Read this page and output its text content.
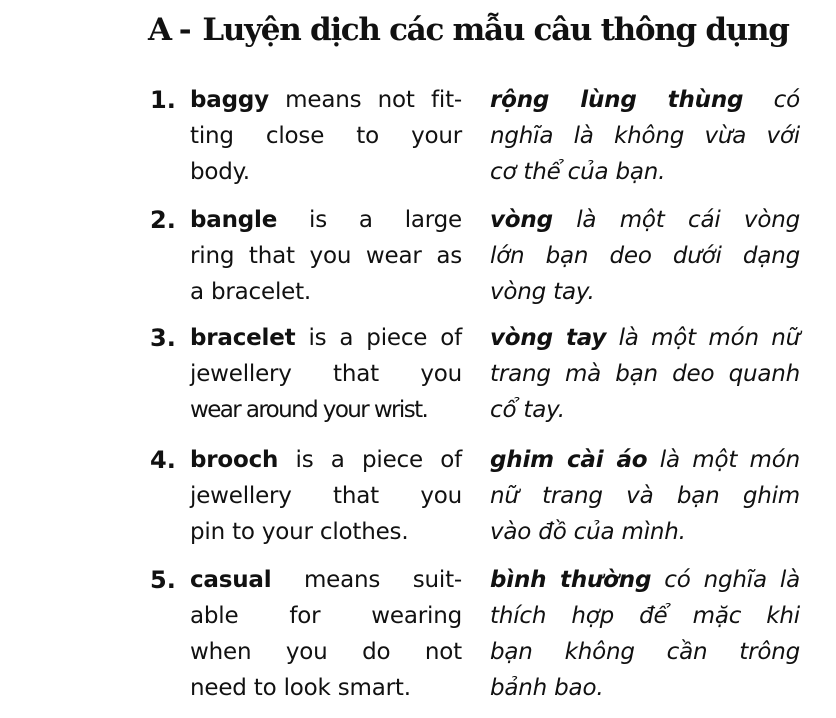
A - Luyện dịch các mẫu câu thông dụng
1. baggy means not fit-
ting close to your
body.
rộng lùng thùng có
nghĩa là không vừa với
cơ thể của bạn.
2. bangle is a large
ring that you wear as
a bracelet.
vòng là một cái vòng
lớn bạn deo dưới dạng
vòng tay.
3. bracelet is a piece of
jewellery that you
wear around your wrist.
vòng tay là một món nữ
trang mà bạn deo quanh
cổ tay.
4. brooch is a piece of
jewellery that you
pin to your clothes.
ghim cài áo là một món
nữ trang và bạn ghim
vào đồ của mình.
5. casual means suit-
able for wearing
when you do not
need to look smart.
bình thường có nghĩa là
thích hợp để mặc khi
bạn không cần trông
bảnh bao.
